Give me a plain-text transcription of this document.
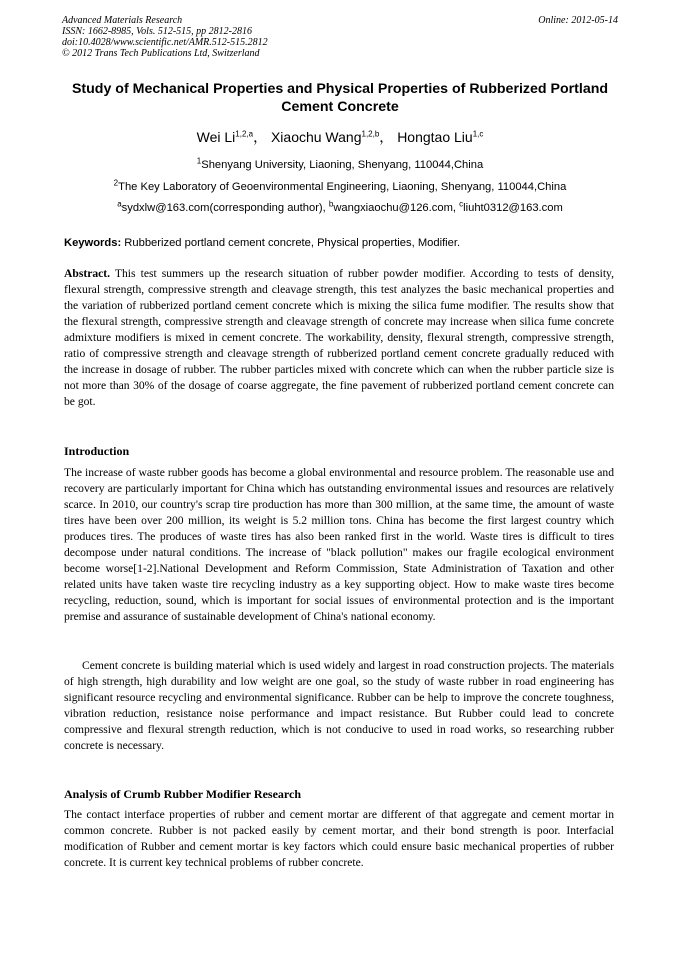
Advanced Materials Research
ISSN: 1662-8985, Vols. 512-515, pp 2812-2816
doi:10.4028/www.scientific.net/AMR.512-515.2812
© 2012 Trans Tech Publications Ltd, Switzerland
Online: 2012-05-14
Study of Mechanical Properties and Physical Properties of Rubberized Portland Cement Concrete
Wei Li$^{1,2,a}$， Xiaochu Wang$^{1,2,b}$， Hongtao Liu$^{1,c}$
$^1$Shenyang University, Liaoning, Shenyang, 110044,China
$^2$The Key Laboratory of Geoenvironmental Engineering, Liaoning, Shenyang, 110044,China
$^a$sydxlw@163.com(corresponding author), $^b$wangxiaochu@126.com, $^c$liuht0312@163.com
Keywords: Rubberized portland cement concrete, Physical properties, Modifier.
Abstract. This test summers up the research situation of rubber powder modifier. According to tests of density, flexural strength, compressive strength and cleavage strength, this test analyzes the basic mechanical properties and the variation of rubberized portland cement concrete which is mixing the silica fume modifier. The results show that the flexural strength, compressive strength and cleavage strength of concrete may increase when silica fume concrete admixture modifiers is mixed in cement concrete. The workability, density, flexural strength, compressive strength, ratio of compressive strength and cleavage strength of rubberized portland cement concrete gradually reduced with the increase in dosage of rubber. The rubber particles mixed with concrete which can when the rubber particle size is not more than 30% of the dosage of coarse aggregate, the fine pavement of rubberized portland cement concrete can be got.
Introduction
The increase of waste rubber goods has become a global environmental and resource problem. The reasonable use and recovery are particularly important for China which has outstanding environmental issues and resources are relatively scarce. In 2010, our country's scrap tire production has more than 300 million, at the same time, the amount of waste tires have been over 200 million, its weight is 5.2 million tons. China has become the first largest country which produces tires. The produces of waste tires has also been ranked first in the world. Waste tires is difficult to tires decompose under natural conditions. The increase of "black pollution" makes our fragile ecological environment become worse[1-2].National Development and Reform Commission, State Administration of Taxation and other related units have taken waste tire recycling industry as a key supporting object. How to make waste tires become recycling, reduction, sound, which is important for social issues of environmental protection and is the important premise and assurance of sustainable development of China's national economy.
Cement concrete is building material which is used widely and largest in road construction projects. The materials of high strength, high durability and low weight are one goal, so the study of waste rubber in road engineering has significant resource recycling and environmental significance. Rubber can be help to improve the concrete toughness, vibration reduction, resistance noise performance and impact resistance. But Rubber could lead to concrete compressive and flexural strength reduction, which is not conducive to used in road works, so researching rubber concrete is necessary.
Analysis of Crumb Rubber Modifier Research
The contact interface properties of rubber and cement mortar are different of that aggregate and cement mortar in common concrete. Rubber is not packed easily by cement mortar, and their bond strength is poor. Interfacial modification of Rubber and cement mortar is key factors which could ensure basic mechanical properties of rubber concrete. It is current key technical problems of rubber concrete.
